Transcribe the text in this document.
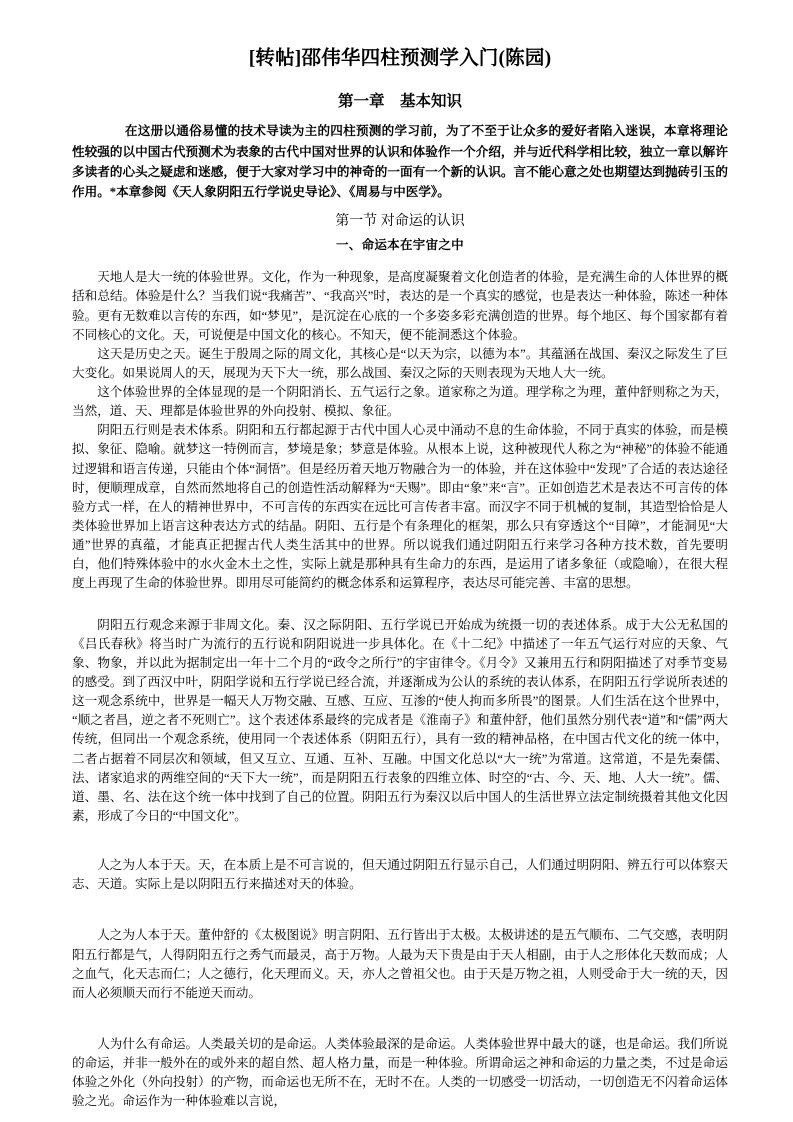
[转帖]邵伟华四柱预测学入门(陈园)
第一章　基本知识

在这册以通俗易懂的技术导读为主的四柱预测的学习前，为了不至于让众多的爱好者陷入迷误，本章将理论性较强的以中国古代预测术为表象的古代中国对世界的认识和体验作一个介绍，并与近代科学相比较，独立一章以解许多读者的心头之疑虑和迷感，便于大家对学习中的神奇的一面有一个新的认识。言不能心意之处也期望达到抛砖引玉的作用。*本章参阅《天人象阴阳五行学说史导论》、《周易与中医学》。

第一节 对命运的认识
一、命运本在宇宙之中

天地人是大一统的体验世界。文化，作为一种现象，是高度凝聚着文化创造者的体验，是充满生命的人体世界的概括和总结。体验是什么？当我们说“我痛苦”、“我高兴”时，表达的是一个真实的感觉，也是表达一种体验，陈述一种体验。更有无数难以言传的东西，如“梦见”，是沉淀在心底的一个多姿多彩充满创造的世界。每个地区、每个国家都有着不同核心的文化。天，可说便是中国文化的核心。不知天，便不能洞悉这个体验。

这天是历史之天。诞生于殷周之际的周文化，其核心是“以天为宗，以德为本”。其蕴涵在战国、秦汉之际发生了巨大变化。如果说周人的天，展现为天下大一统，那么战国、秦汉之际的天则表现为天地人大一统。

这个体验世界的全体显现的是一个阴阳消长、五气运行之象。道家称之为道。理学称之为理，董仲舒则称之为天，当然，道、天、理都是体验世界的外向投射、模拟、象征。

阴阳五行则是表术体系。阴阳和五行都起源于古代中国人心灵中涌动不息的生命体验，不同于真实的体验，而是模拟、象征、隐喻。就梦这一特例而言，梦境是象；梦意是体验。从根本上说，这种被现代人称之为“神秘”的体验不能通过逻辑和语言传递，只能由个体“洞悟”。但是经历着天地万物融合为一的体验，并在这体验中“发现”了合适的表达途径时，便顺理成章，自然而然地将自己的创造性活动解释为“天赐”。即由“象”来“言”。正如创造艺术是表达不可言传的体验方式一样，在人的精神世界中，不可言传的东西实在远比可言传者丰富。而汉字不同于机械的复制，其造型恰恰是人类体验世界加上语言这种表达方式的结晶。阴阳、五行是个有条理化的框架，那么只有穿透这个“目障”，才能洞见“大通”世界的真蕴，才能真正把握古代人类生活其中的世界。所以说我们通过阴阳五行来学习各种方技术数，首先要明白，他们特殊体验中的水火金木土之性，实际上就是那种具有生命力的东西，是运用了诸多象征（或隐喻），在很大程度上再现了生命的体验世界。即用尽可能简约的概念体系和运算程序，表达尽可能完善、丰富的思想。

阴阳五行观念来源于非周文化。秦、汉之际阴阳、五行学说已开始成为统摄一切的表述体系。成于大公无私国的《吕氏春秋》将当时广为流行的五行说和阴阳说进一步具体化。在《十二纪》中描述了一年五气运行对应的天象、气象、物象，并以此为据制定出一年十二个月的“政令之所行”的宇宙律令。《月令》又兼用五行和阴阳描述了对季节变易的感受。到了西汉中叶，阴阳学说和五行学说已经合流，并逐渐成为公认的系统的表认体系，在阴阳五行学说所表述的这一观念系统中，世界是一幅天人万物交融、互感、互应、互渗的“使人拘而多所畏”的图景。人们生活在这个世界中，“顺之者昌，逆之者不死则亡”。这个表述体系最终的完成者是《淮南子》和董仲舒，他们虽然分别代表“道”和“儒”两大传统，但同出一个观念系统，使用同一个表述体系（阴阳五行），具有一致的精神品格，在中国古代文化的统一体中，二者占据着不同层次和领域，但又互立、互通、互补、互融。中国文化总以“大一统”为常道。这常道，不是先秦儒、法、诸家追求的两维空间的“天下大一统”，而是阴阳五行表象的四维立体、时空的“古、今、天、地、人大一统”。儒、道、墨、名、法在这个统一体中找到了自己的位置。阴阳五行为秦汉以后中国人的生活世界立法定制统摄着其他文化因素，形成了今日的“中国文化”。

人之为人本于天。天，在本质上是不可言说的，但天通过阴阳五行显示自己，人们通过明阴阳、辨五行可以体察天志、天道。实际上是以阴阳五行来描述对天的体验。

人之为人本于天。董仲舒的《太极图说》明言阴阳、五行皆出于太极。太极讲述的是五气顺布、二气交感，表明阴阳五行都是气，人得阴阳五行之秀气而最灵，高于万物。人最为天下贵是由于天人相副，由于人之形体化天数而成；人之血气，化天志而仁；人之德行，化天理而义。天，亦人之曾祖父也。由于天是万物之祖，人则受命于大一统的天，因而人必须顺天而行不能逆天而动。

人为什么有命运。人类最关切的是命运。人类体验最深的是命运。人类体验世界中最大的谜，也是命运。我们所说的命运，并非一般外在的或外来的超自然、超人格力量，而是一种体验。所谓命运之神和命运的力量之类，不过是命运体验之外化（外向投射）的产物，而命运也无所不在，无时不在。人类的一切感受一切活动，一切创造无不闪着命运体验之光。命运作为一种体验难以言说，
